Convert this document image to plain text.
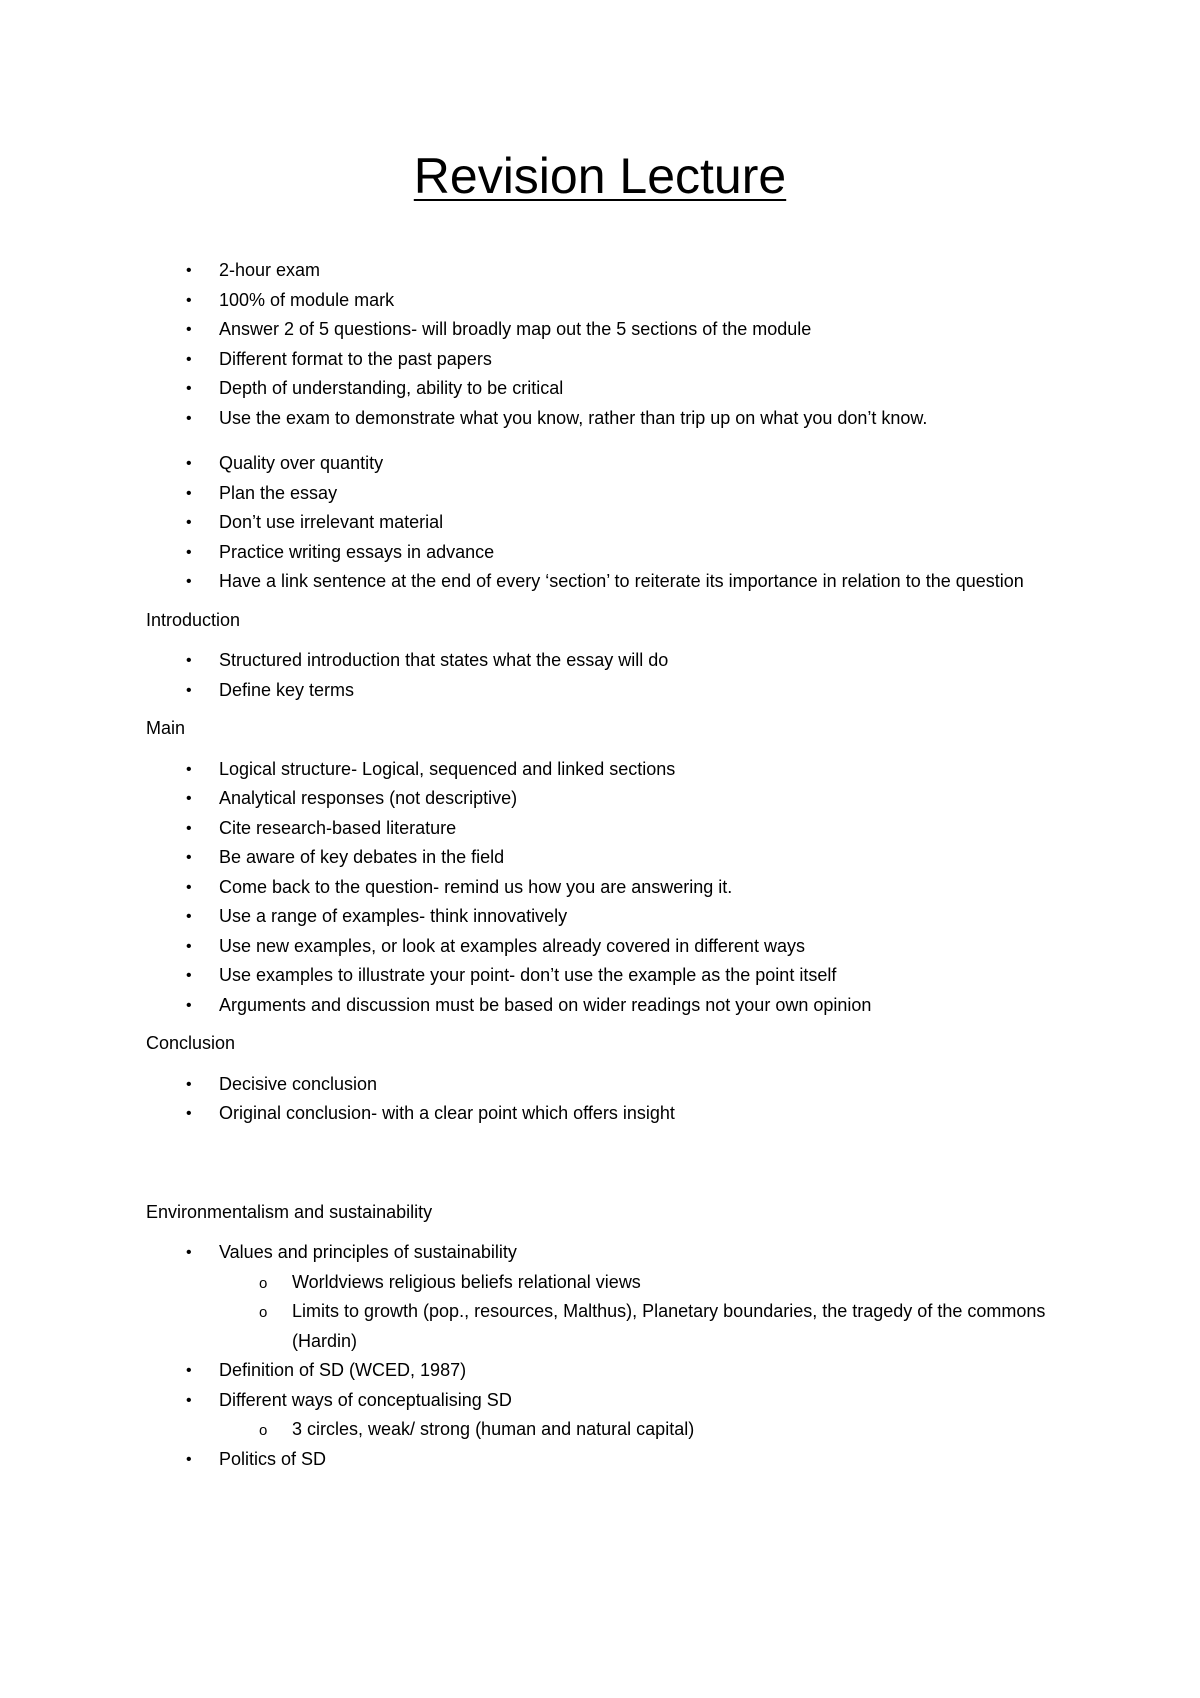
Revision Lecture
• 2-hour exam
• 100% of module mark
• Answer 2 of 5 questions- will broadly map out the 5 sections of the module
• Different format to the past papers
• Depth of understanding, ability to be critical
• Use the exam to demonstrate what you know, rather than trip up on what you don’t know.
• Quality over quantity
• Plan the essay
• Don’t use irrelevant material
• Practice writing essays in advance
• Have a link sentence at the end of every ‘section’ to reiterate its importance in relation to the question
Introduction
• Structured introduction that states what the essay will do
• Define key terms
Main
• Logical structure- Logical, sequenced and linked sections
• Analytical responses (not descriptive)
• Cite research-based literature
• Be aware of key debates in the field
• Come back to the question- remind us how you are answering it.
• Use a range of examples- think innovatively
• Use new examples, or look at examples already covered in different ways
• Use examples to illustrate your point- don’t use the example as the point itself
• Arguments and discussion must be based on wider readings not your own opinion
Conclusion
• Decisive conclusion
• Original conclusion- with a clear point which offers insight
Environmentalism and sustainability
• Values and principles of sustainability
o Worldviews religious beliefs relational views
o Limits to growth (pop., resources, Malthus), Planetary boundaries, the tragedy of the commons (Hardin)
• Definition of SD (WCED, 1987)
• Different ways of conceptualising SD
o 3 circles, weak/ strong (human and natural capital)
• Politics of SD
